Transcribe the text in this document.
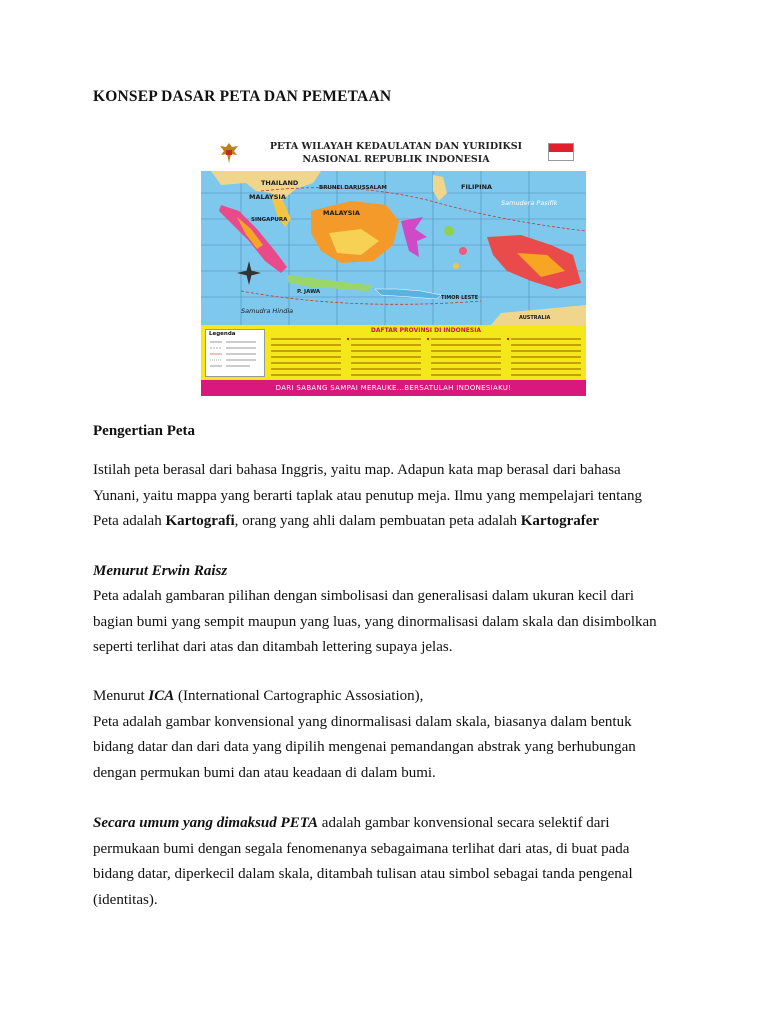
KONSEP DASAR PETA DAN PEMETAAN
PETA WILAYAH KEDAULATAN DAN YURIDIKSI
NASIONAL REPUBLIK INDONESIA
THAILAND
MALAYSIA
BRUNEI DARUSSALAM
MALAYSIA
FILIPINA
SINGAPURA
Samudera Pasifik
Samudra Hindia
P. JAWA
TIMOR LESTE
AUSTRALIA
Legenda	DAFTAR PROVINSI DI INDONESIA
DARI SABANG SAMPAI MERAUKE...BERSATULAH INDONESIAKU!
Pengertian Peta
Istilah peta berasal dari bahasa Inggris, yaitu map. Adapun kata map berasal dari bahasa
Yunani, yaitu mappa yang berarti taplak atau penutup meja. Ilmu yang mempelajari tentang
Peta adalah Kartografi, orang yang ahli dalam pembuatan peta adalah Kartografer
Menurut Erwin Raisz
Peta adalah gambaran pilihan dengan simbolisasi dan generalisasi dalam ukuran kecil dari
bagian bumi yang sempit maupun yang luas, yang dinormalisasi dalam skala dan disimbolkan
seperti terlihat dari atas dan ditambah lettering supaya jelas.
Menurut ICA (International Cartographic Assosiation),
Peta adalah gambar konvensional yang dinormalisasi dalam skala, biasanya dalam bentuk
bidang datar dan dari data yang dipilih mengenai pemandangan abstrak yang berhubungan
dengan permukan bumi dan atau keadaan di dalam bumi.
Secara umum yang dimaksud PETA adalah gambar konvensional secara selektif dari
permukaan bumi dengan segala fenomenanya sebagaimana terlihat dari atas, di buat pada
bidang datar, diperkecil dalam skala, ditambah tulisan atau simbol sebagai tanda pengenal
(identitas).
